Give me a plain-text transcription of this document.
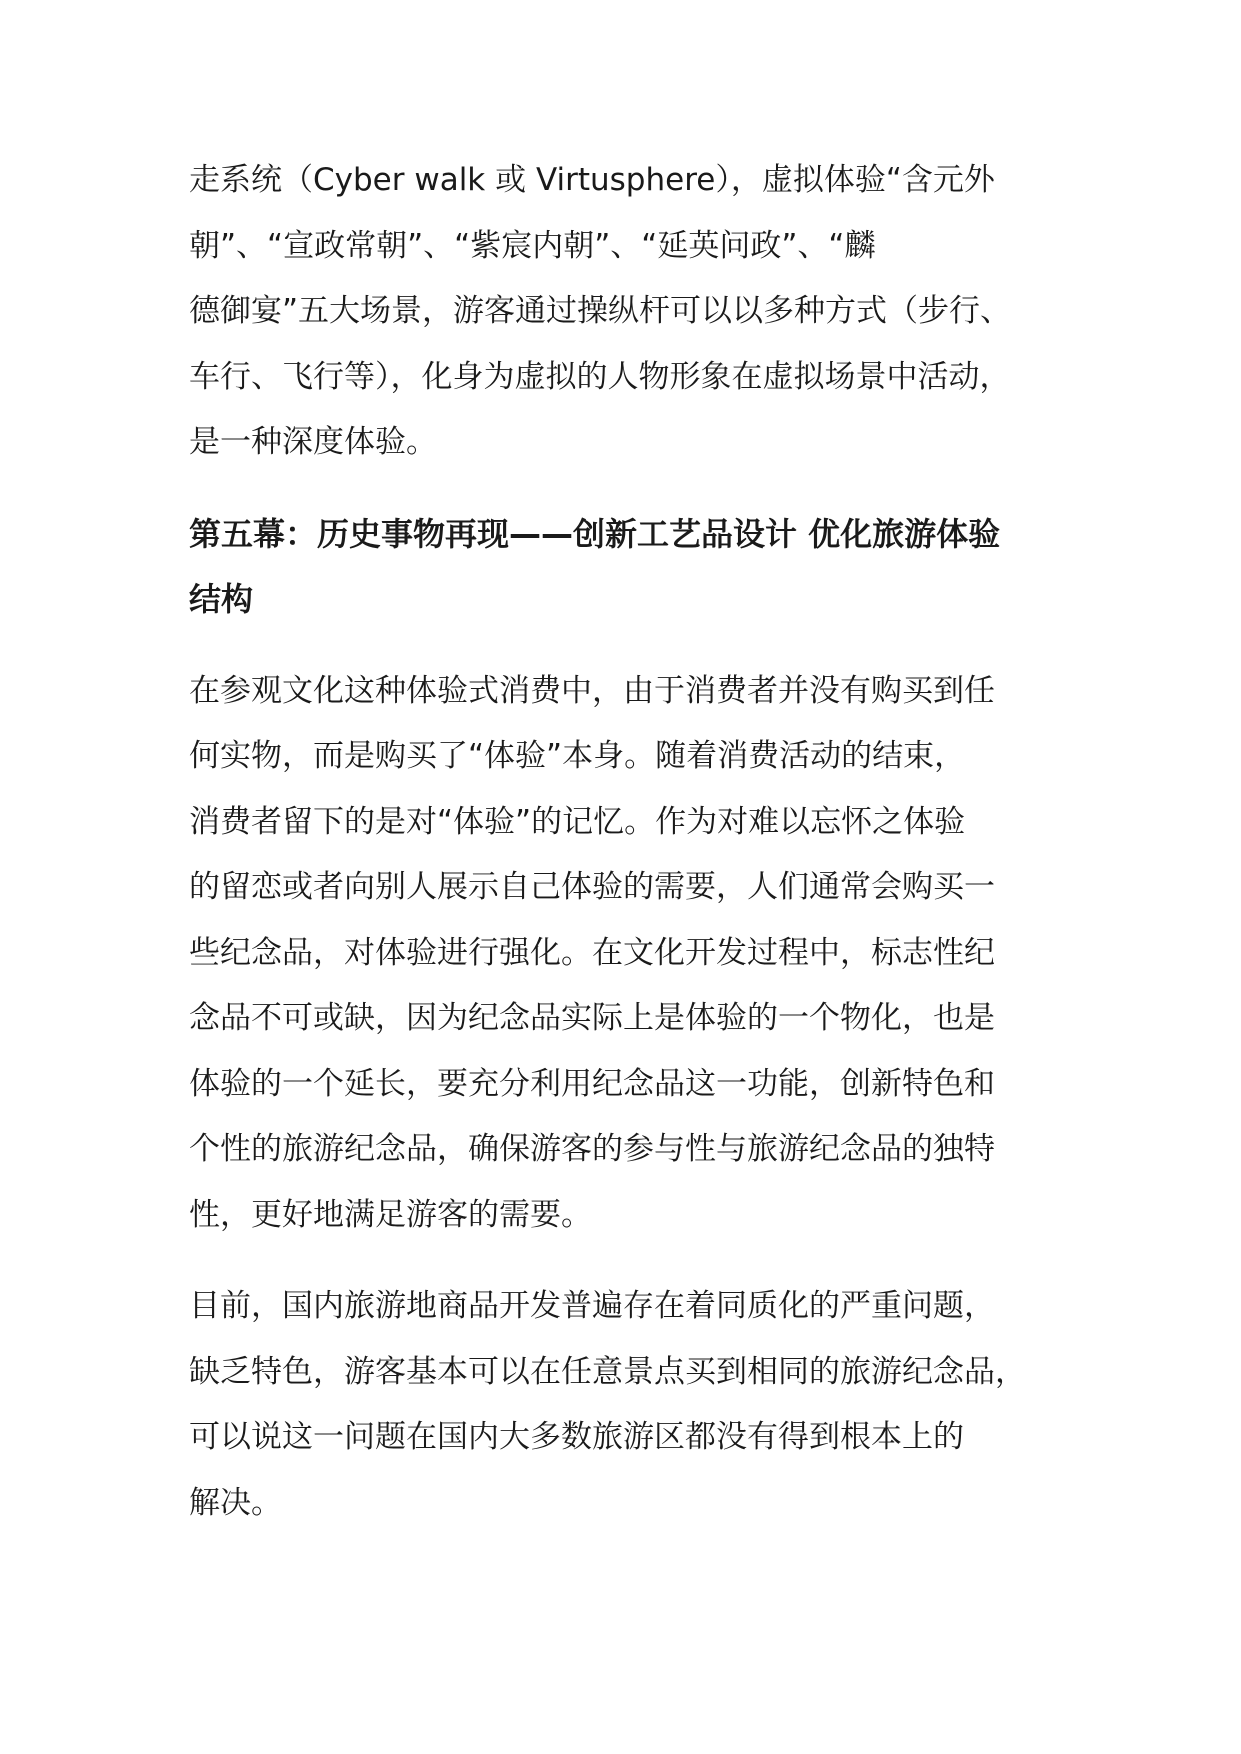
走系统（Cyber walk 或 Virtusphere），虚拟体验“含元外
朝”、“宣政常朝”、“紫宸内朝”、“延英问政”、“麟
德御宴”五大场景，游客通过操纵杆可以以多种方式（步行、
车行、飞行等），化身为虚拟的人物形象在虚拟场景中活动，
是一种深度体验。
第五幕：历史事物再现——创新工艺品设计 优化旅游体验
结构
在参观文化这种体验式消费中，由于消费者并没有购买到任
何实物，而是购买了“体验”本身。随着消费活动的结束，
消费者留下的是对“体验”的记忆。作为对难以忘怀之体验
的留恋或者向别人展示自己体验的需要，人们通常会购买一
些纪念品，对体验进行强化。在文化开发过程中，标志性纪
念品不可或缺，因为纪念品实际上是体验的一个物化，也是
体验的一个延长，要充分利用纪念品这一功能，创新特色和
个性的旅游纪念品，确保游客的参与性与旅游纪念品的独特
性，更好地满足游客的需要。
目前，国内旅游地商品开发普遍存在着同质化的严重问题，
缺乏特色，游客基本可以在任意景点买到相同的旅游纪念品，
可以说这一问题在国内大多数旅游区都没有得到根本上的
解决。
